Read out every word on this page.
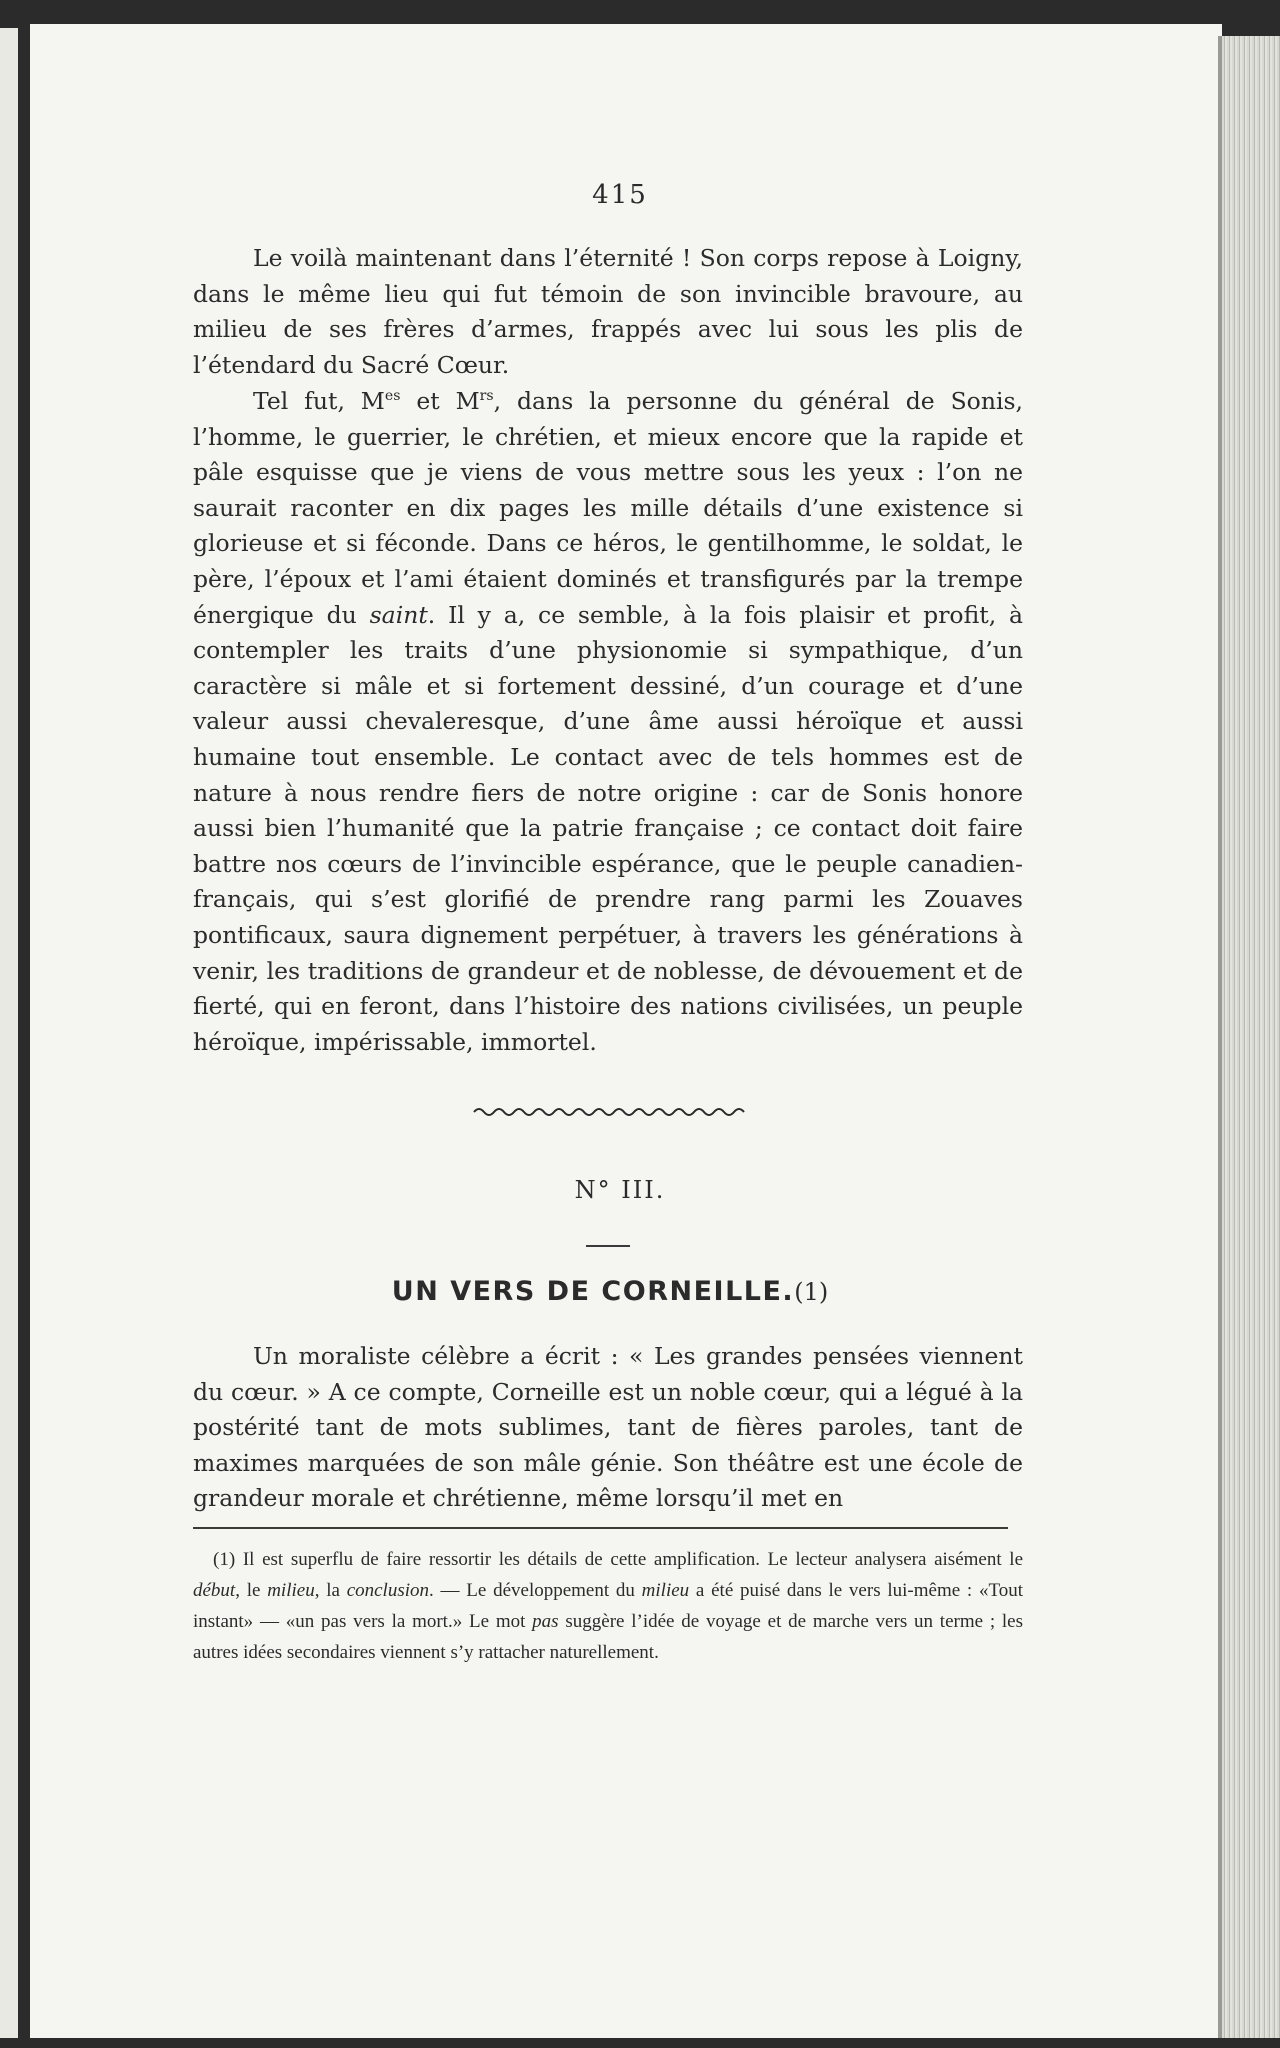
415

Le voilà maintenant dans l’éternité ! Son corps repose à Loigny, dans le même lieu qui fut témoin de son invincible bravoure, au milieu de ses frères d’armes, frappés avec lui sous les plis de l’étendard du Sacré Cœur.

Tel fut, $M^{es}$ et $M^{rs}$, dans la personne du général de Sonis, l’homme, le guerrier, le chrétien, et mieux encore que la rapide et pâle esquisse que je viens de vous mettre sous les yeux : l’on ne saurait raconter en dix pages les mille détails d’une existence si glorieuse et si féconde. Dans ce héros, le gentilhomme, le soldat, le père, l’époux et l’ami étaient dominés et transfigurés par la trempe énergique du saint. Il y a, ce semble, à la fois plaisir et profit, à contempler les traits d’une physionomie si sympathique, d’un caractère si mâle et si fortement dessiné, d’un courage et d’une valeur aussi chevaleresque, d’une âme aussi héroïque et aussi humaine tout ensemble. Le contact avec de tels hommes est de nature à nous rendre fiers de notre origine : car de Sonis honore aussi bien l’humanité que la patrie française ; ce contact doit faire battre nos cœurs de l’invincible espérance, que le peuple canadien-français, qui s’est glorifié de prendre rang parmi les Zouaves pontificaux, saura dignement perpétuer, à travers les générations à venir, les traditions de grandeur et de noblesse, de dévouement et de fierté, qui en feront, dans l’histoire des nations civilisées, un peuple héroïque, impérissable, immortel.

N° III.
UN VERS DE CORNEILLE.(1)

Un moraliste célèbre a écrit : « Les grandes pensées viennent du cœur. » A ce compte, Corneille est un noble cœur, qui a légué à la postérité tant de mots sublimes, tant de fières paroles, tant de maximes marquées de son mâle génie. Son théâtre est une école de grandeur morale et chrétienne, même lorsqu’il met en

(1) Il est superflu de faire ressortir les détails de cette amplification. Le lecteur analysera aisément le début, le milieu, la conclusion. — Le développement du milieu a été puisé dans le vers lui-même : «Tout instant» — «un pas vers la mort.» Le mot pas suggère l’idée de voyage et de marche vers un terme ; les autres idées secondaires viennent s’y rattacher naturellement.
